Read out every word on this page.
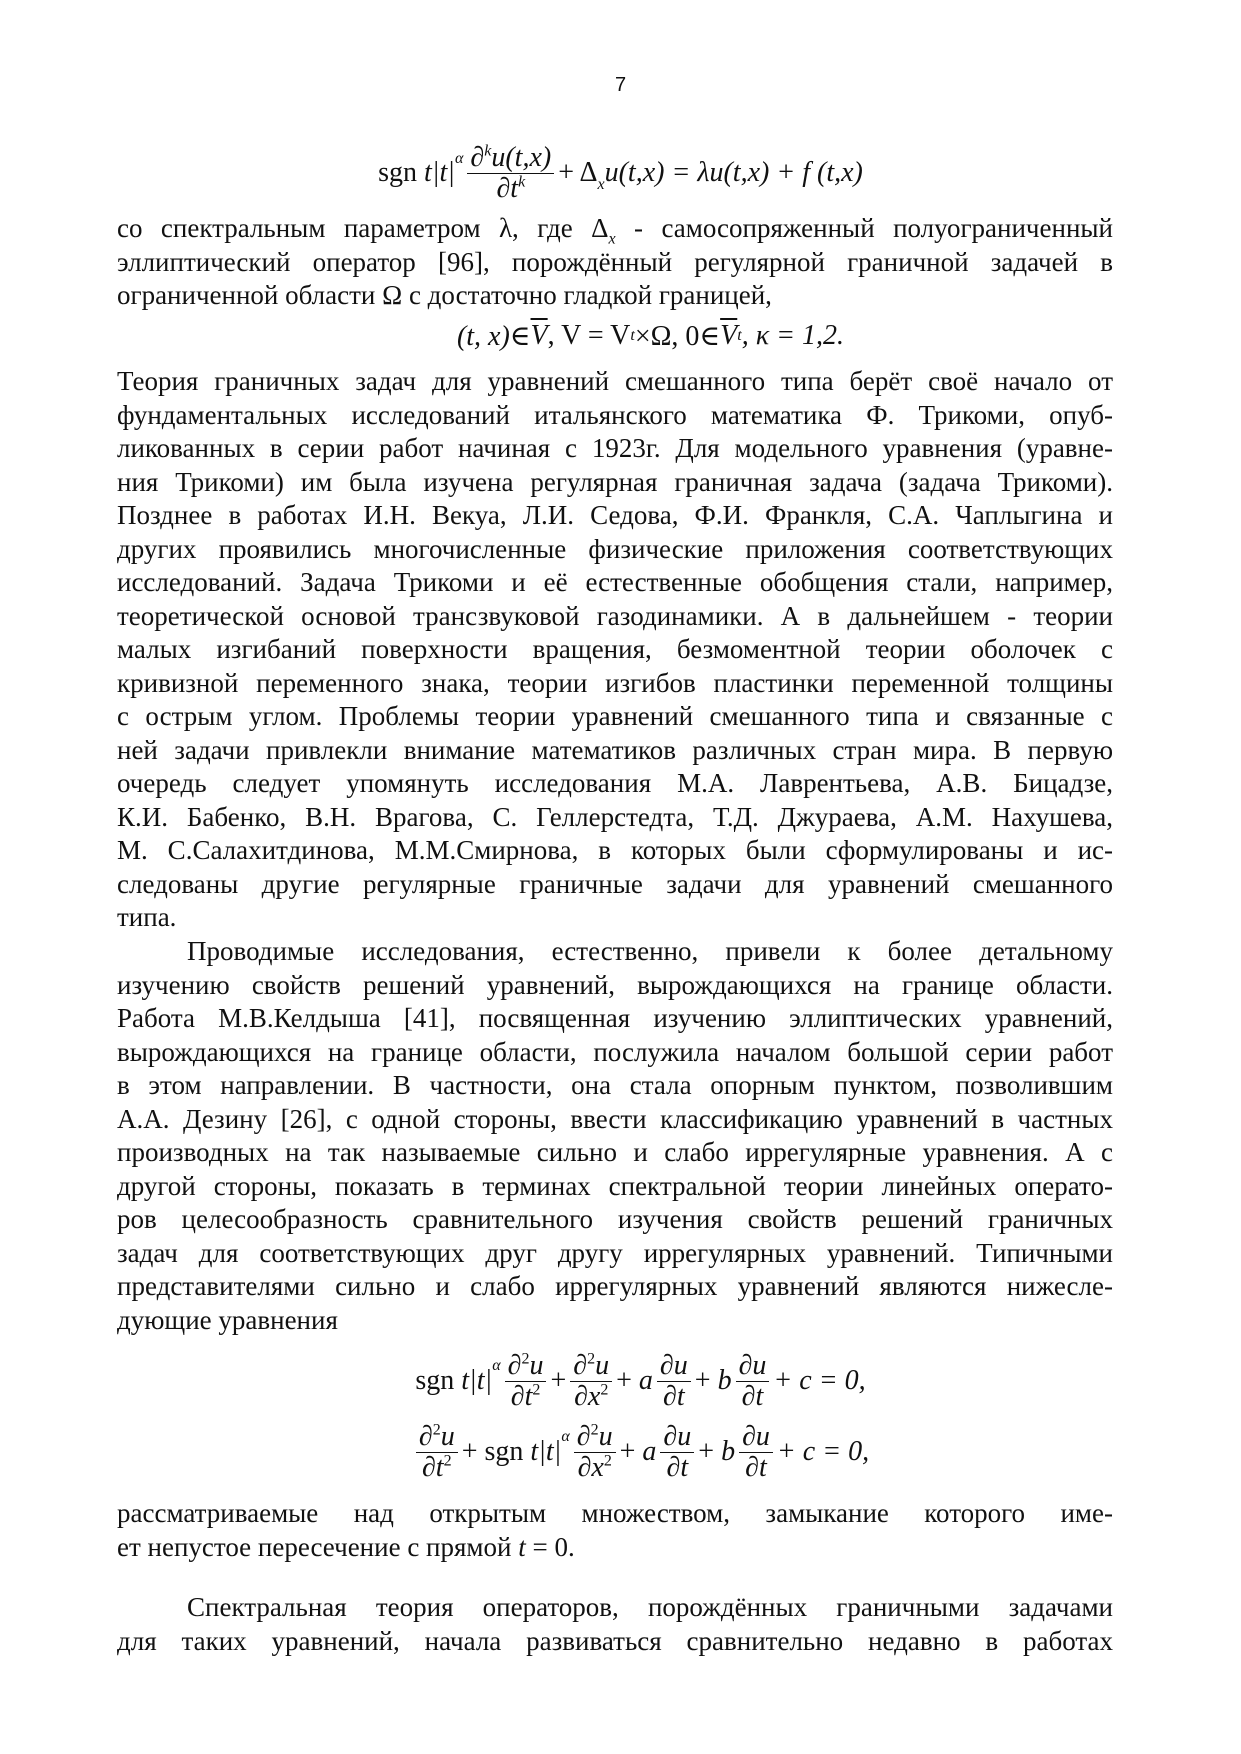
7
sgn
t $|t|^\alpha \frac{\partial^ku(t,x)}{\partial t^k} + \Delta_x$ u(t,x) = λu(t,x) + f (t,x)
со спектральным параметром λ, где $\Delta_x$ - самосопряженный полуограниченный
эллиптический оператор [96], порождённый регулярной граничной задачей в
ограниченной области Ω с достаточно гладкой границей,
(t, x)∈ $\overline{V}$ , V = V t ×Ω, 0∈ $\overline{V}$ t , κ = 1,2.
Теория граничных задач для уравнений смешанного типа берёт своё начало от
фундаментальных исследований итальянского математика Ф. Трикоми, опуб-
ликованных в серии работ начиная с 1923г. Для модельного уравнения (уравне-
ния Трикоми) им была изучена регулярная граничная задача (задача Трикоми).
Позднее в работах И.Н. Векуа, Л.И. Седова, Ф.И. Франкля, С.А. Чаплыгина и
других проявились многочисленные физические приложения соответствующих
исследований. Задача Трикоми и её естественные обобщения стали, например,
теоретической основой трансзвуковой газодинамики. А в дальнейшем - теории
малых изгибаний поверхности вращения, безмоментной теории оболочек с
кривизной переменного знака, теории изгибов пластинки переменной толщины
с острым углом. Проблемы теории уравнений смешанного типа и связанные с
ней задачи привлекли внимание математиков различных стран мира. В первую
очередь следует упомянуть исследования М.А. Лаврентьева, А.В. Бицадзе,
К.И. Бабенко, В.Н. Врагова, С. Геллерстедта, Т.Д. Джураева, А.М. Нахушева,
М. С.Салахитдинова, М.М.Смирнова, в которых были сформулированы и ис-
следованы другие регулярные граничные задачи для уравнений смешанного
типа.
Проводимые исследования, естественно, привели к более детальному
изучению свойств решений уравнений, вырождающихся на границе области.
Работа М.В.Келдыша [41], посвященная изучению эллиптических уравнений,
вырождающихся на границе области, послужила началом большой серии работ
в этом направлении. В частности, она стала опорным пунктом, позволившим
А.А. Дезину [26], с одной стороны, ввести классификацию уравнений в частных
производных на так называемые сильно и слабо иррегулярные уравнения. А с
другой стороны, показать в терминах спектральной теории линейных операто-
ров целесообразность сравнительного изучения свойств решений граничных
задач для соответствующих друг другу иррегулярных уравнений. Типичными
представителями сильно и слабо иррегулярных уравнений являются нижесле-
дующие уравнения
sgn
t $|t|^\alpha \frac{\partial^2u}{\partial t^2} + \frac{\partial^2u}{\partial x^2}$ +
a $\frac{\partial u}{\partial t}$ +
b $\frac{\partial u}{\partial t} + c = 0$,
$\frac{\partial^2u}{\partial t^2}$ +
sgn
t $|t|^\alpha \frac{\partial^2u}{\partial x^2}$ +
a $\frac{\partial u}{\partial t}$ +
b $\frac{\partial u}{\partial t} + c = 0$,
рассматриваемые над открытым множеством, замыкание которого име-
ет непустое пересечение с прямой t = 0.
Спектральная теория операторов, порождённых граничными задачами
для таких уравнений, начала развиваться сравнительно недавно в работах
